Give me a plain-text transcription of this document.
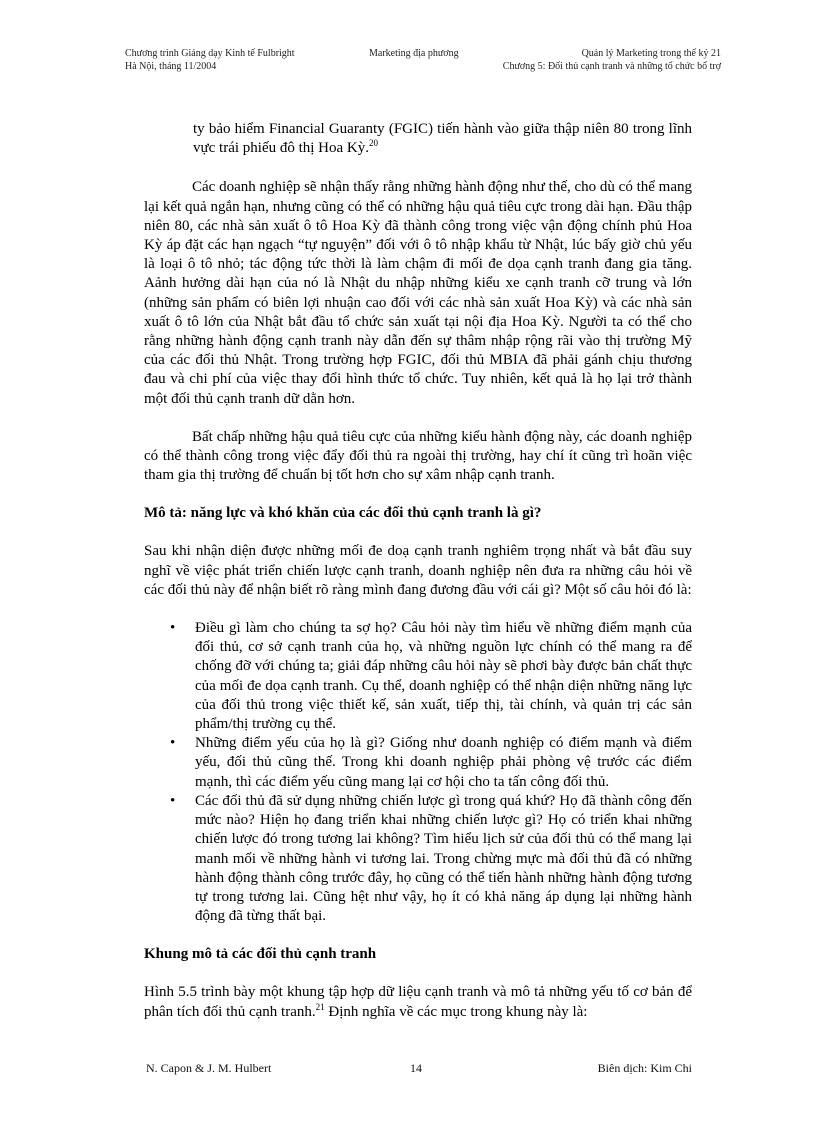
Chương trình Giảng dạy Kinh tế Fulbright
Hà Nội, tháng 11/2004
Marketing địa phương	Quản lý Marketing trong thế kỷ 21
Chương 5: Đối thủ cạnh tranh và những tổ chức bổ trợ

ty bảo hiểm Financial Guaranty (FGIC) tiến hành vào giữa thập niên 80 trong lĩnh vực trái phiếu đô thị Hoa Kỳ.$^{20}$

Các doanh nghiệp sẽ nhận thấy rằng những hành động như thế, cho dù có thể mang lại kết quả ngắn hạn, nhưng cũng có thể có những hậu quả tiêu cực trong dài hạn. Đầu thập niên 80, các nhà sản xuất ô tô Hoa Kỳ đã thành công trong việc vận động chính phủ Hoa Kỳ áp đặt các hạn ngạch “tự nguyện” đối với ô tô nhập khẩu từ Nhật, lúc bấy giờ chủ yếu là loại ô tô nhỏ; tác động tức thời là làm chậm đi mối đe dọa cạnh tranh đang gia tăng. Aảnh hưởng dài hạn của nó là Nhật du nhập những kiểu xe cạnh tranh cỡ trung và lớn (những sản phẩm có biên lợi nhuận cao đối với các nhà sản xuất Hoa Kỳ) và các nhà sản xuất ô tô lớn của Nhật bắt đầu tổ chức sản xuất tại nội địa Hoa Kỳ. Người ta có thể cho rằng những hành động cạnh tranh này dẫn đến sự thâm nhập rộng rãi vào thị trường Mỹ của các đối thủ Nhật. Trong trường hợp FGIC, đối thủ MBIA đã phải gánh chịu thương đau và chi phí của việc thay đổi hình thức tổ chức. Tuy nhiên, kết quả là họ lại trở thành một đối thủ cạnh tranh dữ dằn hơn.

Bất chấp những hậu quả tiêu cực của những kiểu hành động này, các doanh nghiệp có thể thành công trong việc đẩy đối thủ ra ngoài thị trường, hay chí ít cũng trì hoãn việc tham gia thị trường để chuẩn bị tốt hơn cho sự xâm nhập cạnh tranh.

Mô tả: năng lực và khó khăn của các đối thủ cạnh tranh là gì?

Sau khi nhận diện được những mối đe doạ cạnh tranh nghiêm trọng nhất và bắt đầu suy nghĩ về việc phát triển chiến lược cạnh tranh, doanh nghiệp nên đưa ra những câu hỏi về các đối thủ này để nhận biết rõ ràng mình đang đương đầu với cái gì? Một số câu hỏi đó là:

• Điều gì làm cho chúng ta sợ họ? Câu hỏi này tìm hiểu về những điểm mạnh của đối thủ, cơ sở cạnh tranh của họ, và những nguồn lực chính có thể mang ra để chống đỡ với chúng ta; giải đáp những câu hỏi này sẽ phơi bày được bản chất thực của mối đe dọa cạnh tranh. Cụ thể, doanh nghiệp có thể nhận diện những năng lực của đối thủ trong việc thiết kế, sản xuất, tiếp thị, tài chính, và quản trị các sản phẩm/thị trường cụ thể.
• Những điểm yếu của họ là gì? Giống như doanh nghiệp có điểm mạnh và điểm yếu, đối thủ cũng thế. Trong khi doanh nghiệp phải phòng vệ trước các điểm mạnh, thì các điểm yếu cũng mang lại cơ hội cho ta tấn công đối thủ.
• Các đối thủ đã sử dụng những chiến lược gì trong quá khứ? Họ đã thành công đến mức nào? Hiện họ đang triển khai những chiến lược gì? Họ có triển khai những chiến lược đó trong tương lai không? Tìm hiểu lịch sử của đối thủ có thể mang lại manh mối về những hành vi tương lai. Trong chừng mực mà đối thủ đã có những hành động thành công trước đây, họ cũng có thể tiến hành những hành động tương tự trong tương lai. Cũng hệt như vậy, họ ít có khả năng áp dụng lại những hành động đã từng thất bại.
Khung mô tả các đối thủ cạnh tranh

Hình 5.5 trình bày một khung tập hợp dữ liệu cạnh tranh và mô tả những yếu tố cơ bản để phân tích đối thủ cạnh tranh.$^{21}$ Định nghĩa về các mục trong khung này là:

N. Capon & J. M. Hulbert	14	Biên dịch: Kim Chi
